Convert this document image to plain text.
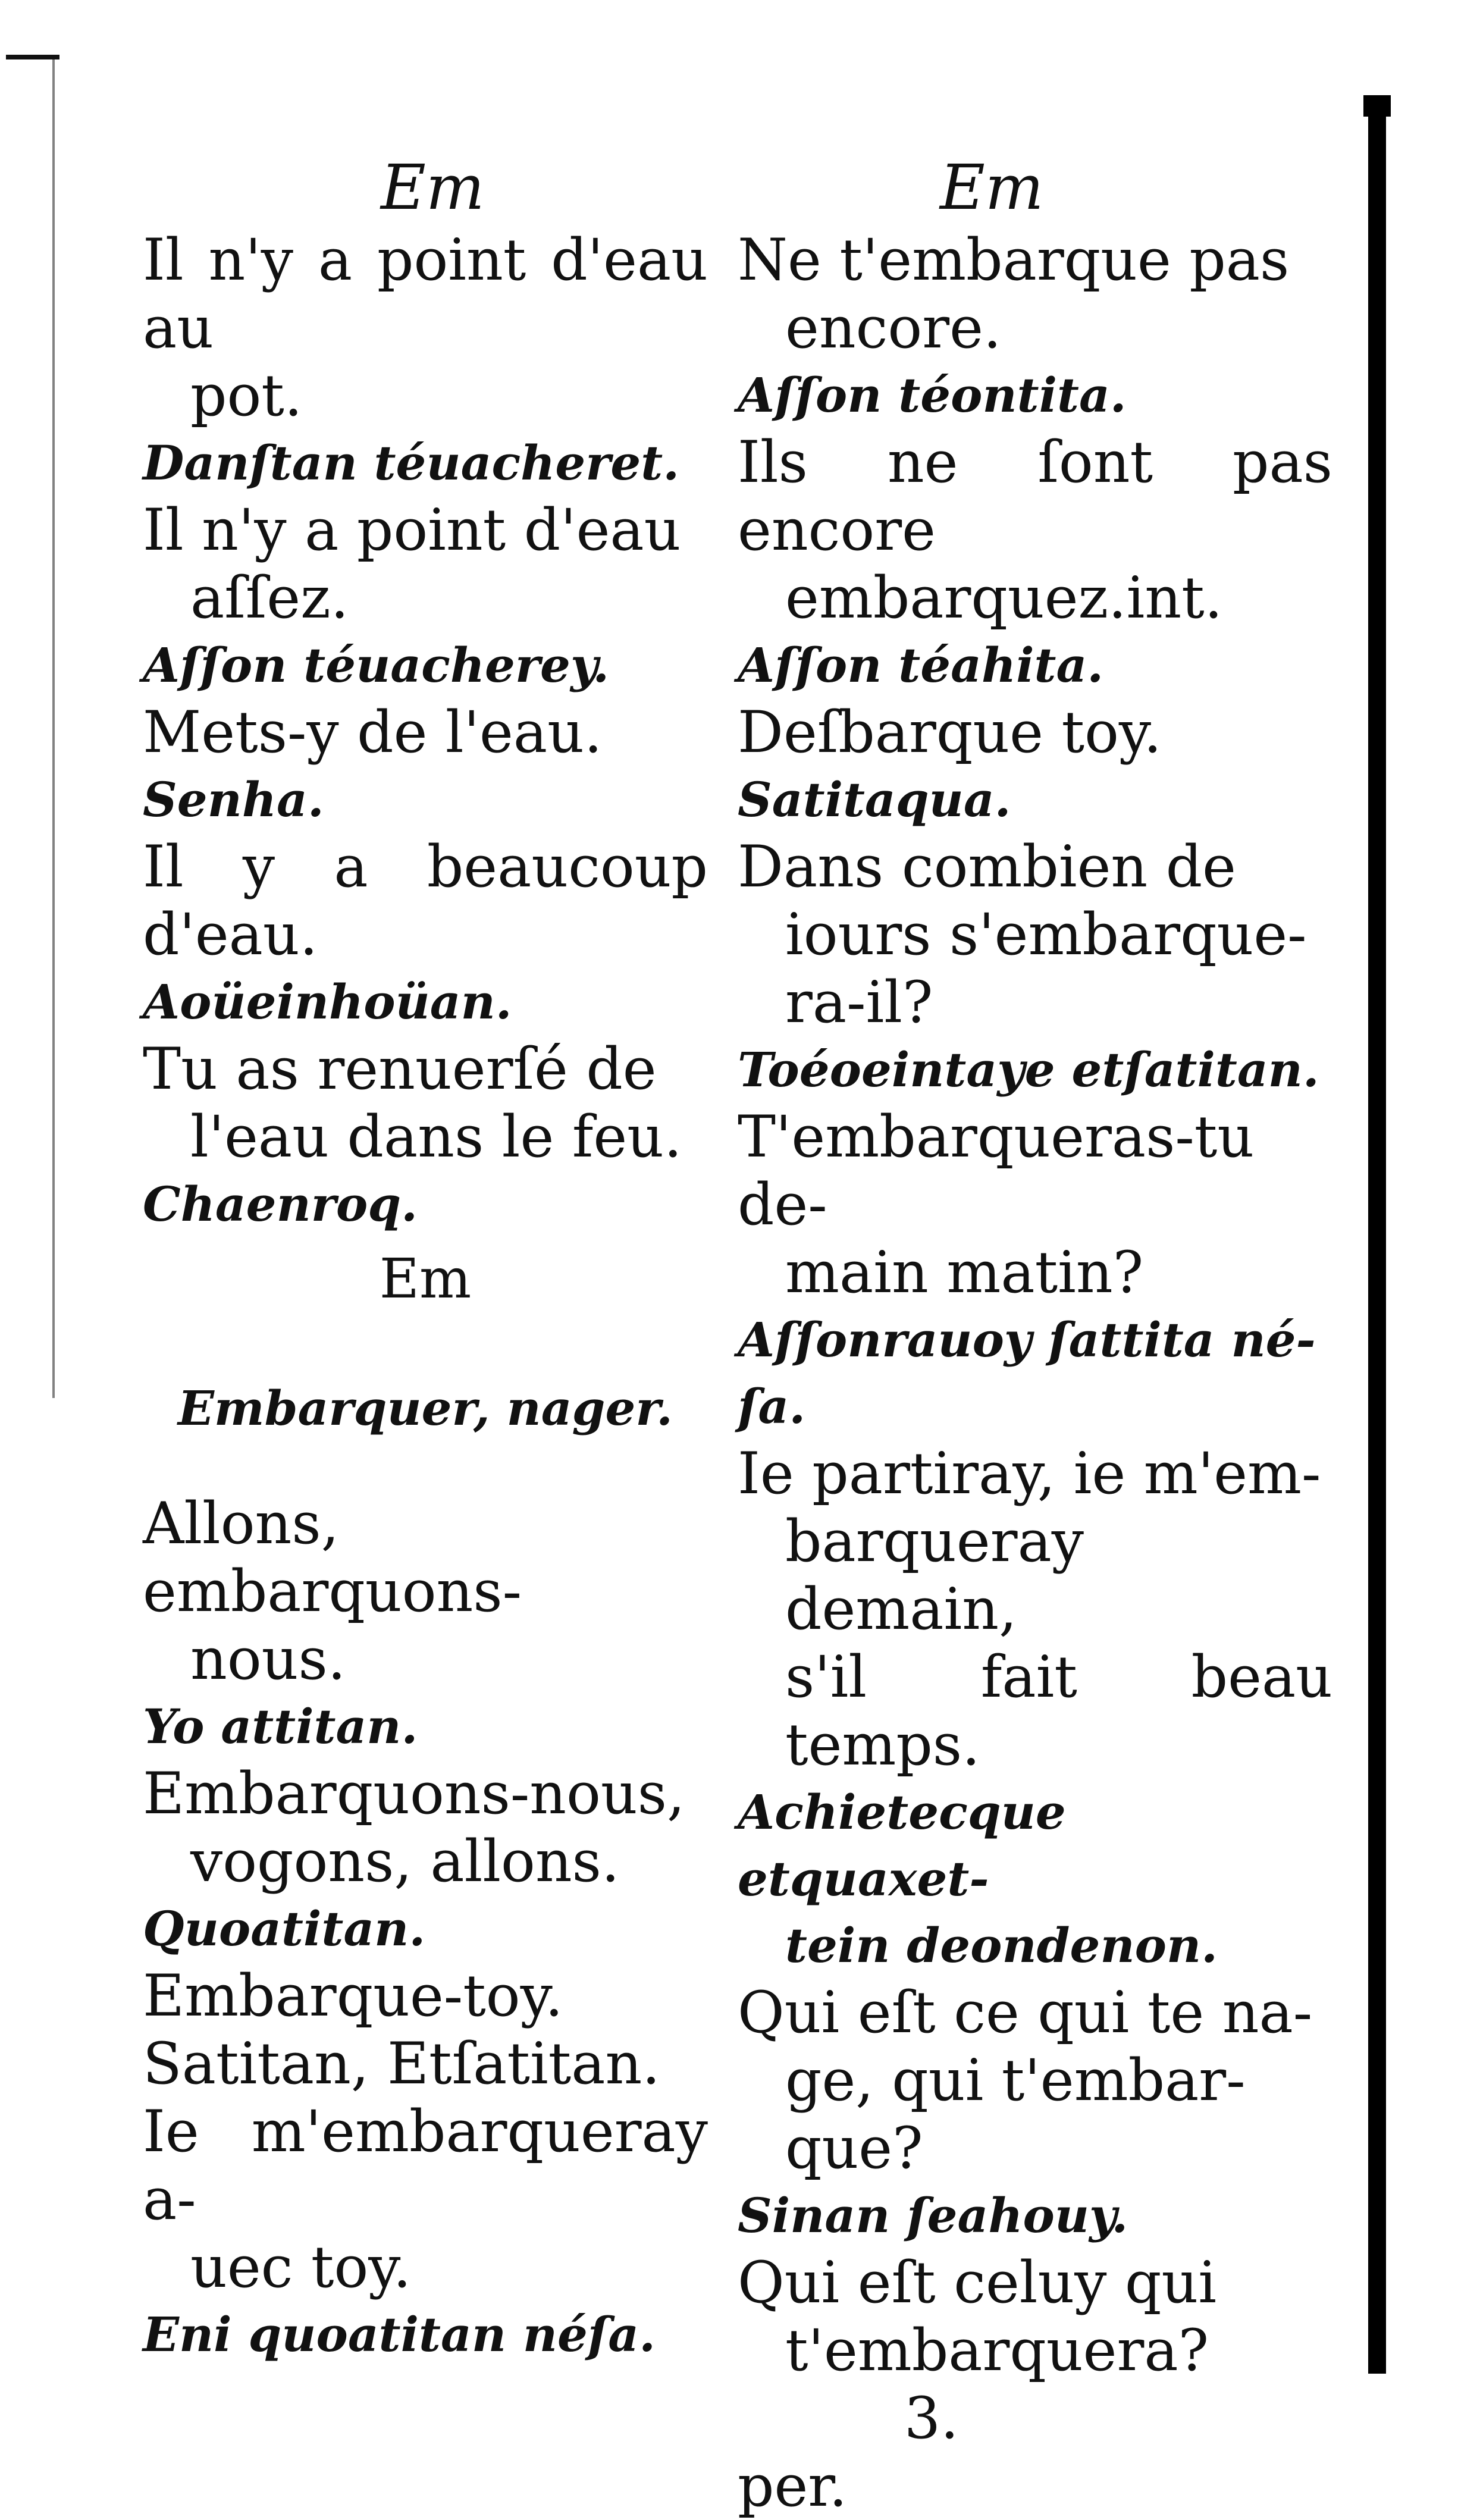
Em
Il n'y a point d'eau au
pot.
Danſtan téuacheret.
Il n'y a point d'eau
aſſez.
Aſſon téuacherey.
Mets-y de l'eau.
Senha.
Il y a beaucoup d'eau.
Aoüeinhoüan.
Tu as renuerſé de
l'eau dans le feu.
Chaenroq.
Em
Embarquer, nager.
Allons, embarquons-
nous.
Yo attitan.
Embarquons-nous,
vogons, allons.
Quoatitan.
Embarque-toy.
Satitan, Etſatitan.
Ie m'embarqueray a-
uec toy.
Eni quoatitan néſa.
Em
Ne t'embarque pas
encore.
Aſſon téontita.
Ils ne ſont pas encore
embarquez.int.
Aſſon téahita.
Deſbarque toy.
Satitaqua.
Dans combien de
iours s'embarque-
ra-il?
Toéoeintaye etſatitan.
T'embarqueras-tu de-
main matin?
Aſſonrauoy ſattita né-
ſa.
Ie partiray, ie m'em-
barqueray demain,
s'il fait beau temps.
Achietecque etquaxet-
tein deondenon.
Qui eſt ce qui te na-
ge, qui t'embar-
que?
Sinan ſeahouy.
Qui eſt celuy qui
t'embarquera? 3.
per.
